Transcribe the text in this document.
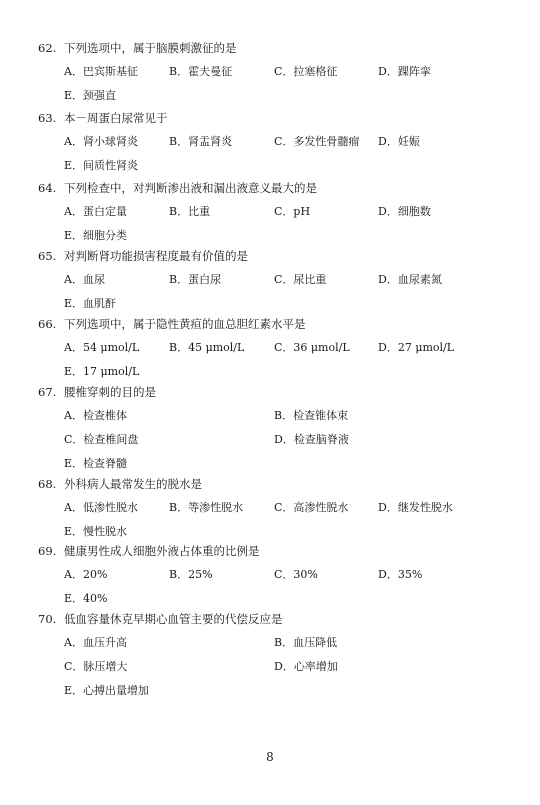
62. 下列选项中，属于脑膜刺激征的是
A．巴宾斯基征	B．霍夫曼征	C．拉塞格征	D．踝阵挛
E．颈强直
63. 本－周蛋白尿常见于
A．肾小球肾炎	B．肾盂肾炎	C．多发性骨髓瘤 D．妊娠
E．间质性肾炎
64. 下列检查中，对判断渗出液和漏出液意义最大的是
A．蛋白定量	B．比重	C．pH	D．细胞数
E．细胞分类
65. 对判断肾功能损害程度最有价值的是
A．血尿	B．蛋白尿	C．尿比重	D．血尿素氮
E．血肌酐
66. 下列选项中，属于隐性黄疸的血总胆红素水平是
A．54 μmol/L	B．45 μmol/L	C．36 μmol/L	D．27 μmol/L
E．17 μmol/L
67. 腰椎穿刺的目的是
A．检查椎体	B．检查锥体束
C．检查椎间盘	D．检查脑脊液
E．检查脊髓
68. 外科病人最常发生的脱水是
A．低渗性脱水	B．等渗性脱水	C．高渗性脱水	D．继发性脱水
E．慢性脱水
69. 健康男性成人细胞外液占体重的比例是
A．20%	B．25%	C．30%	D．35%
E．40%
70. 低血容量休克早期心血管主要的代偿反应是
A．血压升高	B．血压降低
C．脉压增大	D．心率增加
E．心搏出量增加
8
